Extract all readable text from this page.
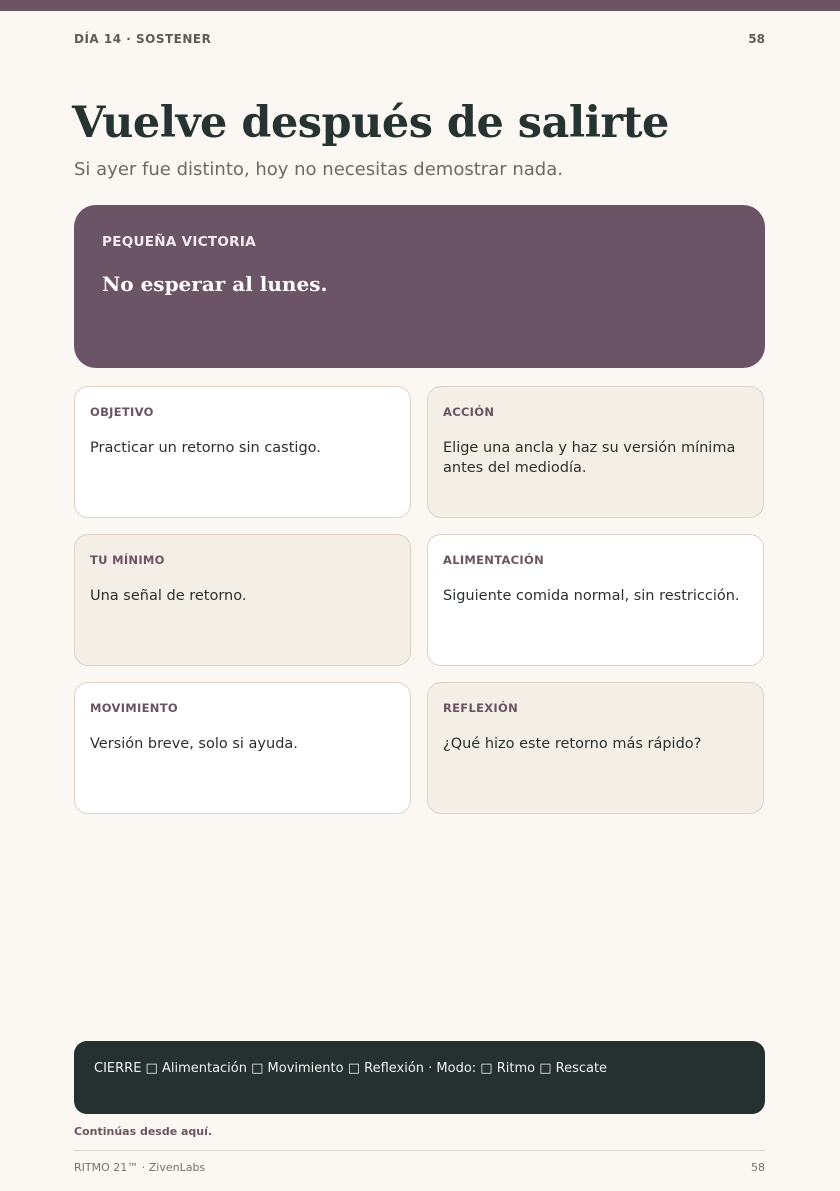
DÍA 14 · SOSTENER	58
Vuelve después de salirte
Si ayer fue distinto, hoy no necesitas demostrar nada.
PEQUEÑA VICTORIA
No esperar al lunes.
OBJETIVO
Practicar un retorno sin castigo.
ACCIÓN
Elige una ancla y haz su versión mínima antes del mediodía.
TU MÍNIMO
Una señal de retorno.
ALIMENTACIÓN
Siguiente comida normal, sin restricción.
MOVIMIENTO
Versión breve, solo si ayuda.
REFLEXIÓN
¿Qué hizo este retorno más rápido?
CIERRE □ Alimentación □ Movimiento □ Reflexión · Modo: □ Ritmo □ Rescate
Continúas desde aquí.
RITMO 21™ · ZivenLabs	58
